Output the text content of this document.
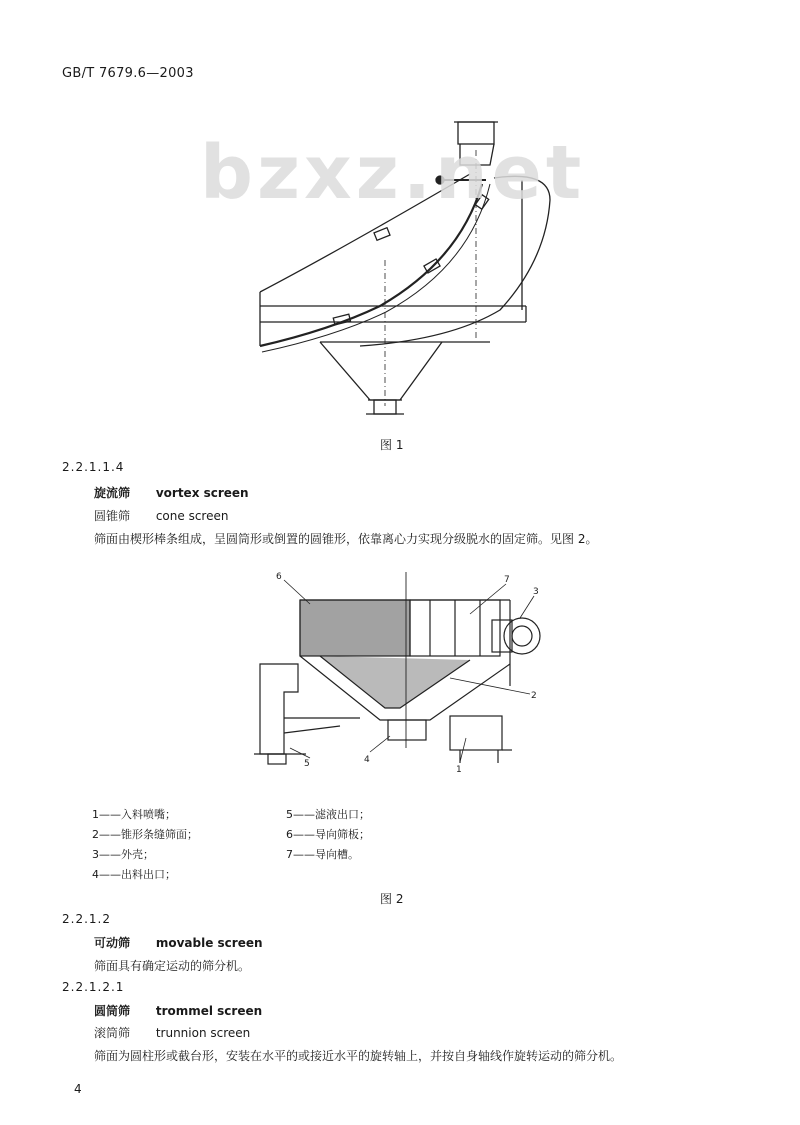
GB/T 7679.6—2003
图 1
2.2.1.1.4
旋流筛 vortex screen
圆锥筛 cone screen
筛面由楔形棒条组成，呈圆筒形或倒置的圆锥形，依靠离心力实现分级脱水的固定筛。见图 2。
6	7
3
2
4
5
1
1——入料喷嘴；
2——锥形条缝筛面；
3——外壳；
4——出料出口；
5——滤液出口；
6——导向筛板；
7——导向槽。
图 2
2.2.1.2
可动筛 movable screen
筛面具有确定运动的筛分机。
2.2.1.2.1
圆筒筛 trommel screen
滚筒筛 trunnion screen
筛面为圆柱形或截台形，安装在水平的或接近水平的旋转轴上，并按自身轴线作旋转运动的筛分机。
bzxz.net
4
